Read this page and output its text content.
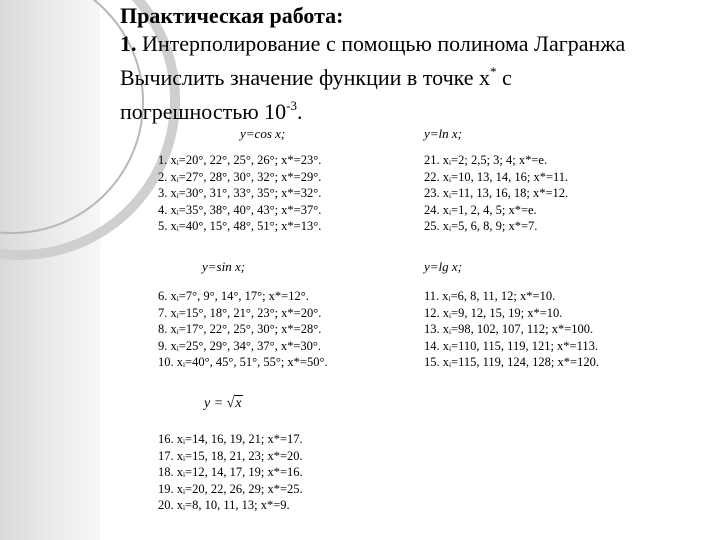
Практическая работа:
1. Интерполирование с помощью полинома Лагранжа
Вычислить значение функции в точке x* с
погрешностью $10^{-3}$.
y=cos x;
1. xᵢ=20°, 22°, 25°, 26°; x*=23°.
2. xᵢ=27°, 28°, 30°, 32°; x*=29°.
3. xᵢ=30°, 31°, 33°, 35°; x*=32°.
4. xᵢ=35°, 38°, 40°, 43°; x*=37°.
5. xᵢ=40°, 15°, 48°, 51°; x*=13°.
y=ln x;
21. xᵢ=2; 2,5; 3; 4; x*=e.
22. xᵢ=10, 13, 14, 16; x*=11.
23. xᵢ=11, 13, 16, 18; x*=12.
24. xᵢ=1, 2, 4, 5; x*=e.
25. xᵢ=5, 6, 8, 9; x*=7.
y=sin x;
6. xᵢ=7°, 9°, 14°, 17°; x*=12°.
7. xᵢ=15°, 18°, 21°, 23°; x*=20°.
8. xᵢ=17°, 22°, 25°, 30°; x*=28°.
9. xᵢ=25°, 29°, 34°, 37°, x*=30°.
10. xᵢ=40°, 45°, 51°, 55°; x*=50°.
y=lg x;
11. xᵢ=6, 8, 11, 12; x*=10.
12. xᵢ=9, 12, 15, 19; x*=10.
13. xᵢ=98, 102, 107, 112; x*=100.
14. xᵢ=110, 115, 119, 121; x*=113.
15. xᵢ=115, 119, 124, 128; x*=120.
y = √x
16. xᵢ=14, 16, 19, 21; x*=17.
17. xᵢ=15, 18, 21, 23; x*=20.
18. xᵢ=12, 14, 17, 19; x*=16.
19. xᵢ=20, 22, 26, 29; x*=25.
20. xᵢ=8, 10, 11, 13; x*=9.
